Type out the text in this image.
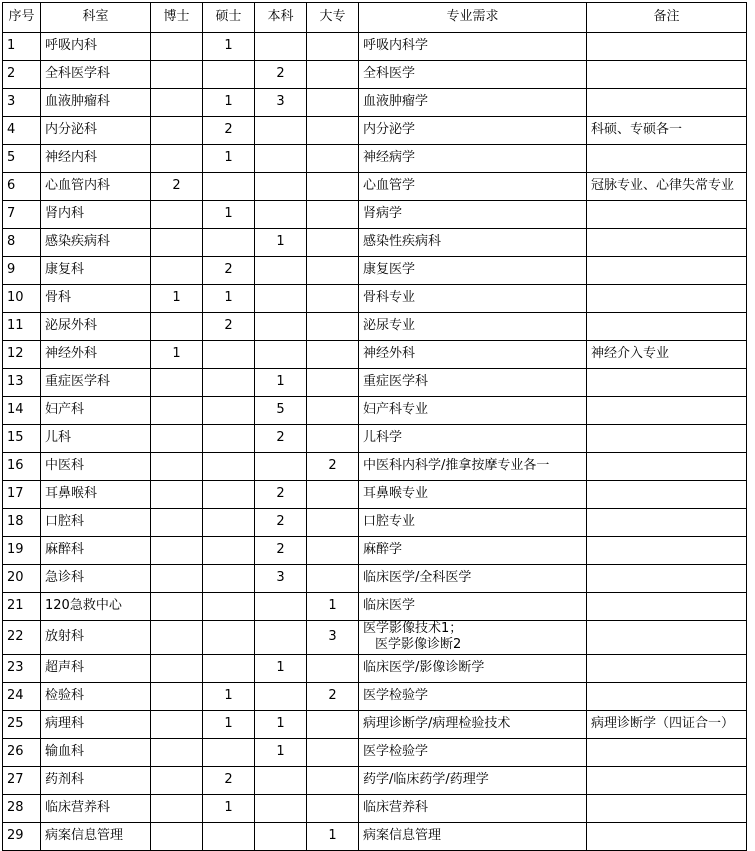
序号	科室	博士	硕士	本科	大专	专业需求	备注
1	呼吸内科		1			呼吸内科学	
2	全科医学科			2		全科医学	
3	血液肿瘤科		1	3		血液肿瘤学	
4	内分泌科		2			内分泌学	科硕、专硕各一
5	神经内科		1			神经病学	
6	心血管内科	2				心血管学	冠脉专业、心律失常专业
7	肾内科		1			肾病学	
8	感染疾病科			1		感染性疾病科	
9	康复科		2			康复医学	
10	骨科	1	1			骨科专业	
11	泌尿外科		2			泌尿专业	
12	神经外科	1				神经外科	神经介入专业
13	重症医学科			1		重症医学科	
14	妇产科			5		妇产科专业	
15	儿科			2		儿科学	
16	中医科				2	中医科内科学/推拿按摩专业各一	
17	耳鼻喉科			2		耳鼻喉专业	
18	口腔科			2		口腔专业	
19	麻醉科			2		麻醉学	
20	急诊科			3		临床医学/全科医学	
21	120急救中心				1	临床医学	
22	放射科				3	医学影像技术1；
医学影像诊断2	

23	超声科			1		临床医学/影像诊断学	
24	检验科		1		2	医学检验学	
25	病理科		1	1		病理诊断学/病理检验技术	病理诊断学（四证合一）
26	输血科			1		医学检验学	
27	药剂科		2			药学/临床药学/药理学	
28	临床营养科		1			临床营养科	
29	病案信息管理				1	病案信息管理	
